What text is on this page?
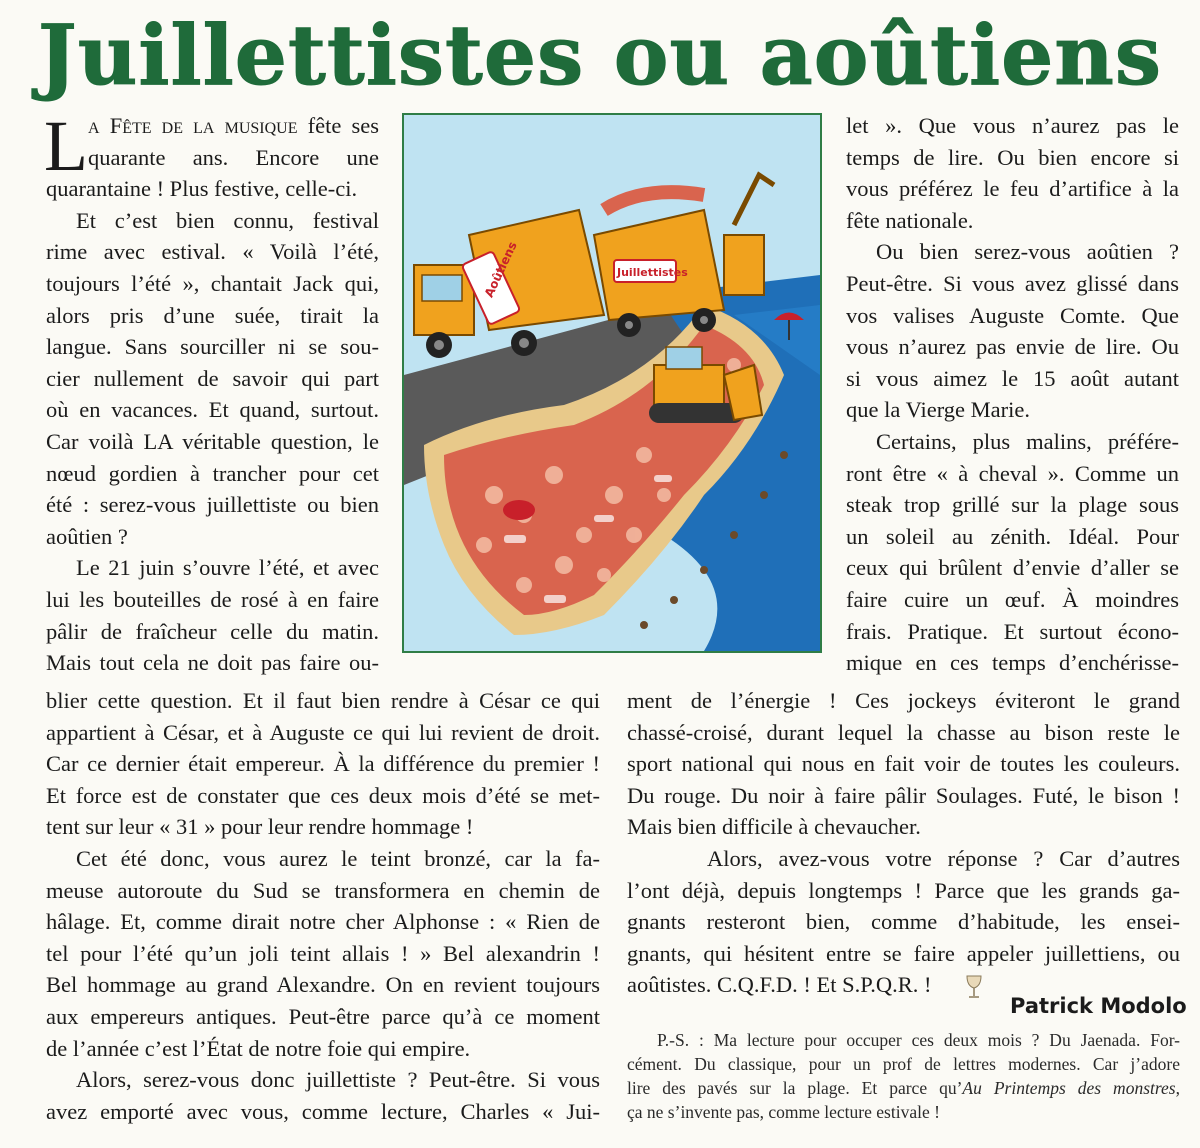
Juillettistes ou aoûtiens
L a Fête de la musique fête ses
quarante ans. Encore une
quarantaine ! Plus festive, celle-ci.
Et c’est bien connu, festival
rime avec estival. « Voilà l’été,
toujours l’été », chantait Jack qui,
alors pris d’une suée, tirait la
langue. Sans sourciller ni se sou-
cier nullement de savoir qui part
où en vacances. Et quand, surtout.
Car voilà LA véritable question, le
nœud gordien à trancher pour cet
été : serez-vous juillettiste ou bien
aoûtien ?
Le 21 juin s’ouvre l’été, et avec
lui les bouteilles de rosé à en faire
pâlir de fraîcheur celle du matin.
Mais tout cela ne doit pas faire ou-
let ». Que vous n’aurez pas le
temps de lire. Ou bien encore si
vous préférez le feu d’artifice à la
fête nationale.
Ou bien serez-vous aoûtien ?
Peut-être. Si vous avez glissé dans
vos valises Auguste Comte. Que
vous n’aurez pas envie de lire. Ou
si vous aimez le 15 août autant
que la Vierge Marie.
Certains, plus malins, préfére-
ront être « à cheval ». Comme un
steak trop grillé sur la plage sous
un soleil au zénith. Idéal. Pour
ceux qui brûlent d’envie d’aller se
faire cuire un œuf. À moindres
frais. Pratique. Et surtout écono-
mique en ces temps d’enchérisse-
blier cette question. Et il faut bien rendre à César ce qui
appartient à César, et à Auguste ce qui lui revient de droit.
Car ce dernier était empereur. À la différence du premier !
Et force est de constater que ces deux mois d’été se met-
tent sur leur « 31 » pour leur rendre hommage !
Cet été donc, vous aurez le teint bronzé, car la fa-
meuse autoroute du Sud se transformera en chemin de
hâlage. Et, comme dirait notre cher Alphonse : « Rien de
tel pour l’été qu’un joli teint allais ! » Bel alexandrin !
Bel hommage au grand Alexandre. On en revient toujours
aux empereurs antiques. Peut-être parce qu’à ce moment
de l’année c’est l’État de notre foie qui empire.
Alors, serez-vous donc juillettiste ? Peut-être. Si vous
avez emporté avec vous, comme lecture, Charles « Jui-
ment de l’énergie ! Ces jockeys éviteront le grand
chassé-croisé, durant lequel la chasse au bison reste le
sport national qui nous en fait voir de toutes les couleurs.
Du rouge. Du noir à faire pâlir Soulages. Futé, le bison !
Mais bien difficile à chevaucher.
Alors, avez-vous votre réponse ? Car d’autres
l’ont déjà, depuis longtemps ! Parce que les grands ga-
gnants resteront bien, comme d’habitude, les ensei-
gnants, qui hésitent entre se faire appeler juillettiens, ou
aoûtistes. C.Q.F.D. ! Et S.P.Q.R. !
Aoûtiens	Juillettistes
Patrick Modolo
P.-S. : Ma lecture pour occuper ces deux mois ? Du Jaenada. For-
cément. Du classique, pour un prof de lettres modernes. Car j’adore
lire des pavés sur la plage. Et parce qu’Au Printemps des monstres,
ça ne s’invente pas, comme lecture estivale !
